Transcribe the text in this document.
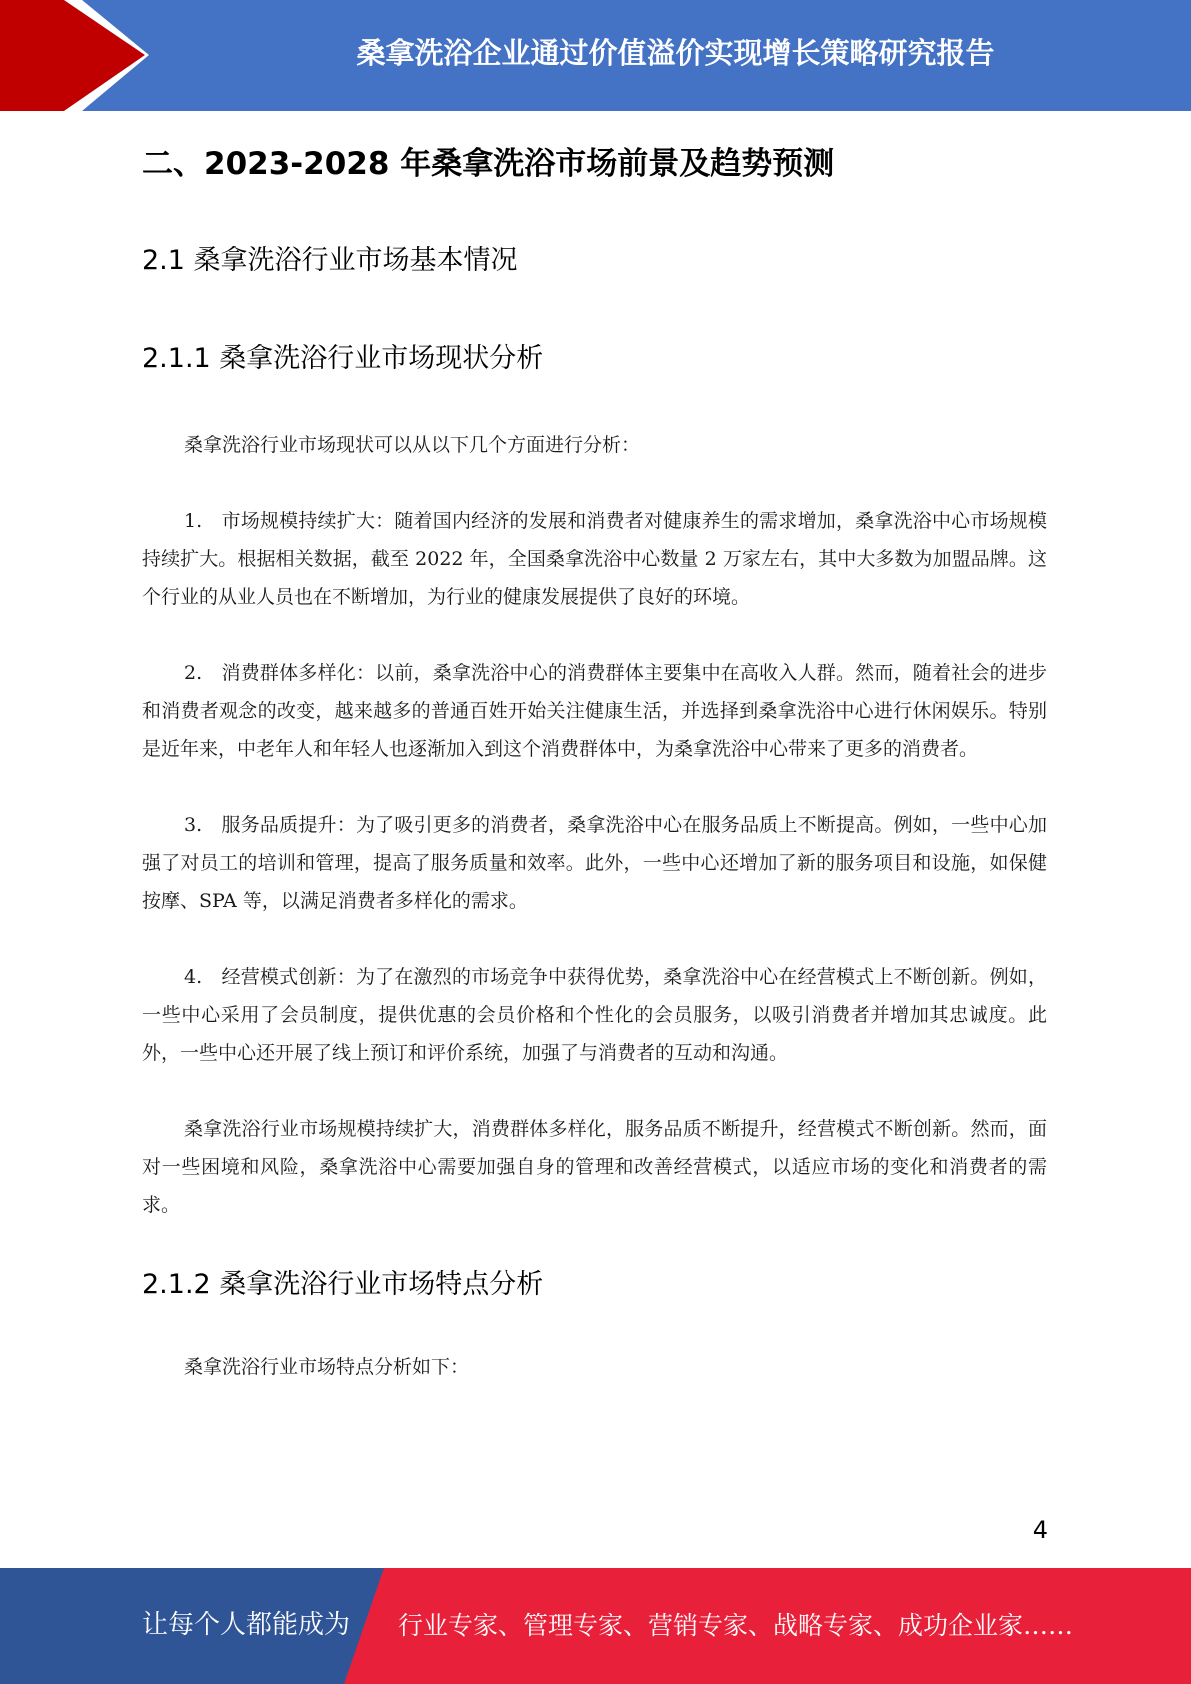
桑拿洗浴企业通过价值溢价实现增长策略研究报告
二、2023-2028 年桑拿洗浴市场前景及趋势预测
2.1 桑拿洗浴行业市场基本情况
2.1.1 桑拿洗浴行业市场现状分析

桑拿洗浴行业市场现状可以从以下几个方面进行分析：

1.　市场规模持续扩大：随着国内经济的发展和消费者对健康养生的需求增加，桑拿洗浴中心市场规模持续扩大。根据相关数据，截至 2022 年，全国桑拿洗浴中心数量 2 万家左右，其中大多数为加盟品牌。这个行业的从业人员也在不断增加，为行业的健康发展提供了良好的环境。

2.　消费群体多样化：以前，桑拿洗浴中心的消费群体主要集中在高收入人群。然而，随着社会的进步和消费者观念的改变，越来越多的普通百姓开始关注健康生活，并选择到桑拿洗浴中心进行休闲娱乐。特别是近年来，中老年人和年轻人也逐渐加入到这个消费群体中，为桑拿洗浴中心带来了更多的消费者。

3.　服务品质提升：为了吸引更多的消费者，桑拿洗浴中心在服务品质上不断提高。例如，一些中心加强了对员工的培训和管理，提高了服务质量和效率。此外，一些中心还增加了新的服务项目和设施，如保健按摩、SPA 等，以满足消费者多样化的需求。

4.　经营模式创新：为了在激烈的市场竞争中获得优势，桑拿洗浴中心在经营模式上不断创新。例如，一些中心采用了会员制度，提供优惠的会员价格和个性化的会员服务，以吸引消费者并增加其忠诚度。此外，一些中心还开展了线上预订和评价系统，加强了与消费者的互动和沟通。

桑拿洗浴行业市场规模持续扩大，消费群体多样化，服务品质不断提升，经营模式不断创新。然而，面对一些困境和风险，桑拿洗浴中心需要加强自身的管理和改善经营模式，以适应市场的变化和消费者的需求。

2.1.2 桑拿洗浴行业市场特点分析

桑拿洗浴行业市场特点分析如下：

4
让每个人都能成为 行业专家、管理专家、营销专家、战略专家、成功企业家……
